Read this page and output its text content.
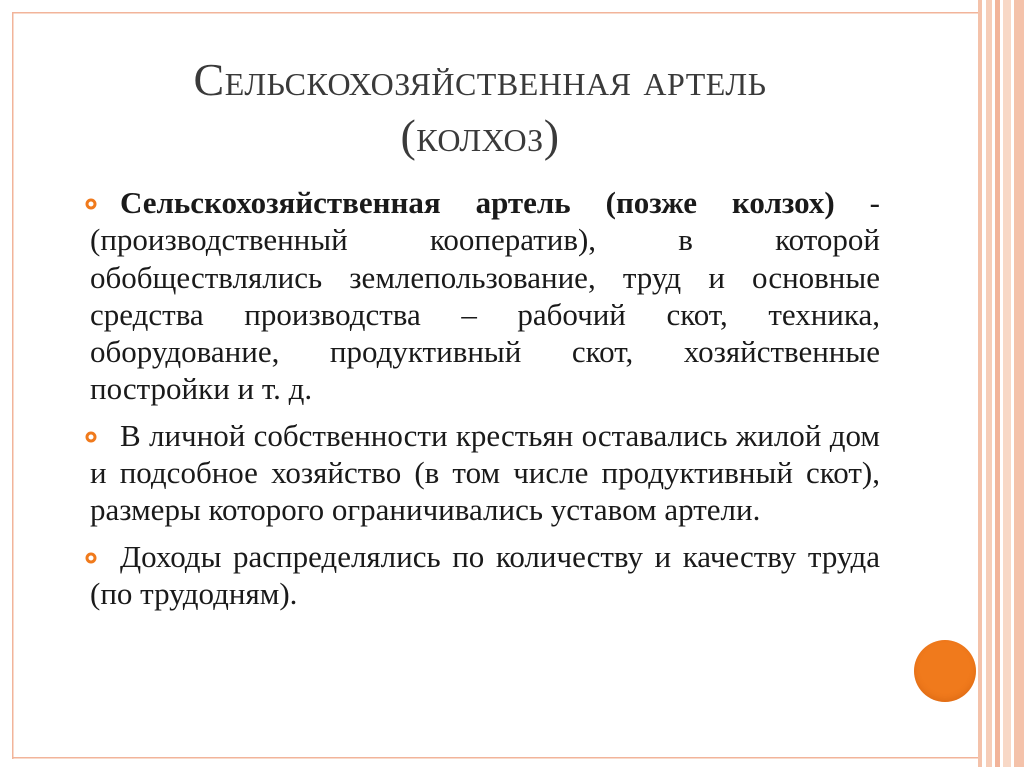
Сельскохозяйственная артель
(колхоз)

Сельскохозяйственная артель (позже колзох) - (производственный кооператив), в которой обобществлялись землепользование, труд и основные средства производства – рабочий скот, техника, оборудование, продуктивный скот, хозяйственные постройки и т. д.

В личной собственности крестьян оставались жилой дом и подсобное хозяйство (в том числе продуктивный скот), размеры которого ограничивались уставом артели.

Доходы распределялись по количеству и качеству труда (по трудодням).
